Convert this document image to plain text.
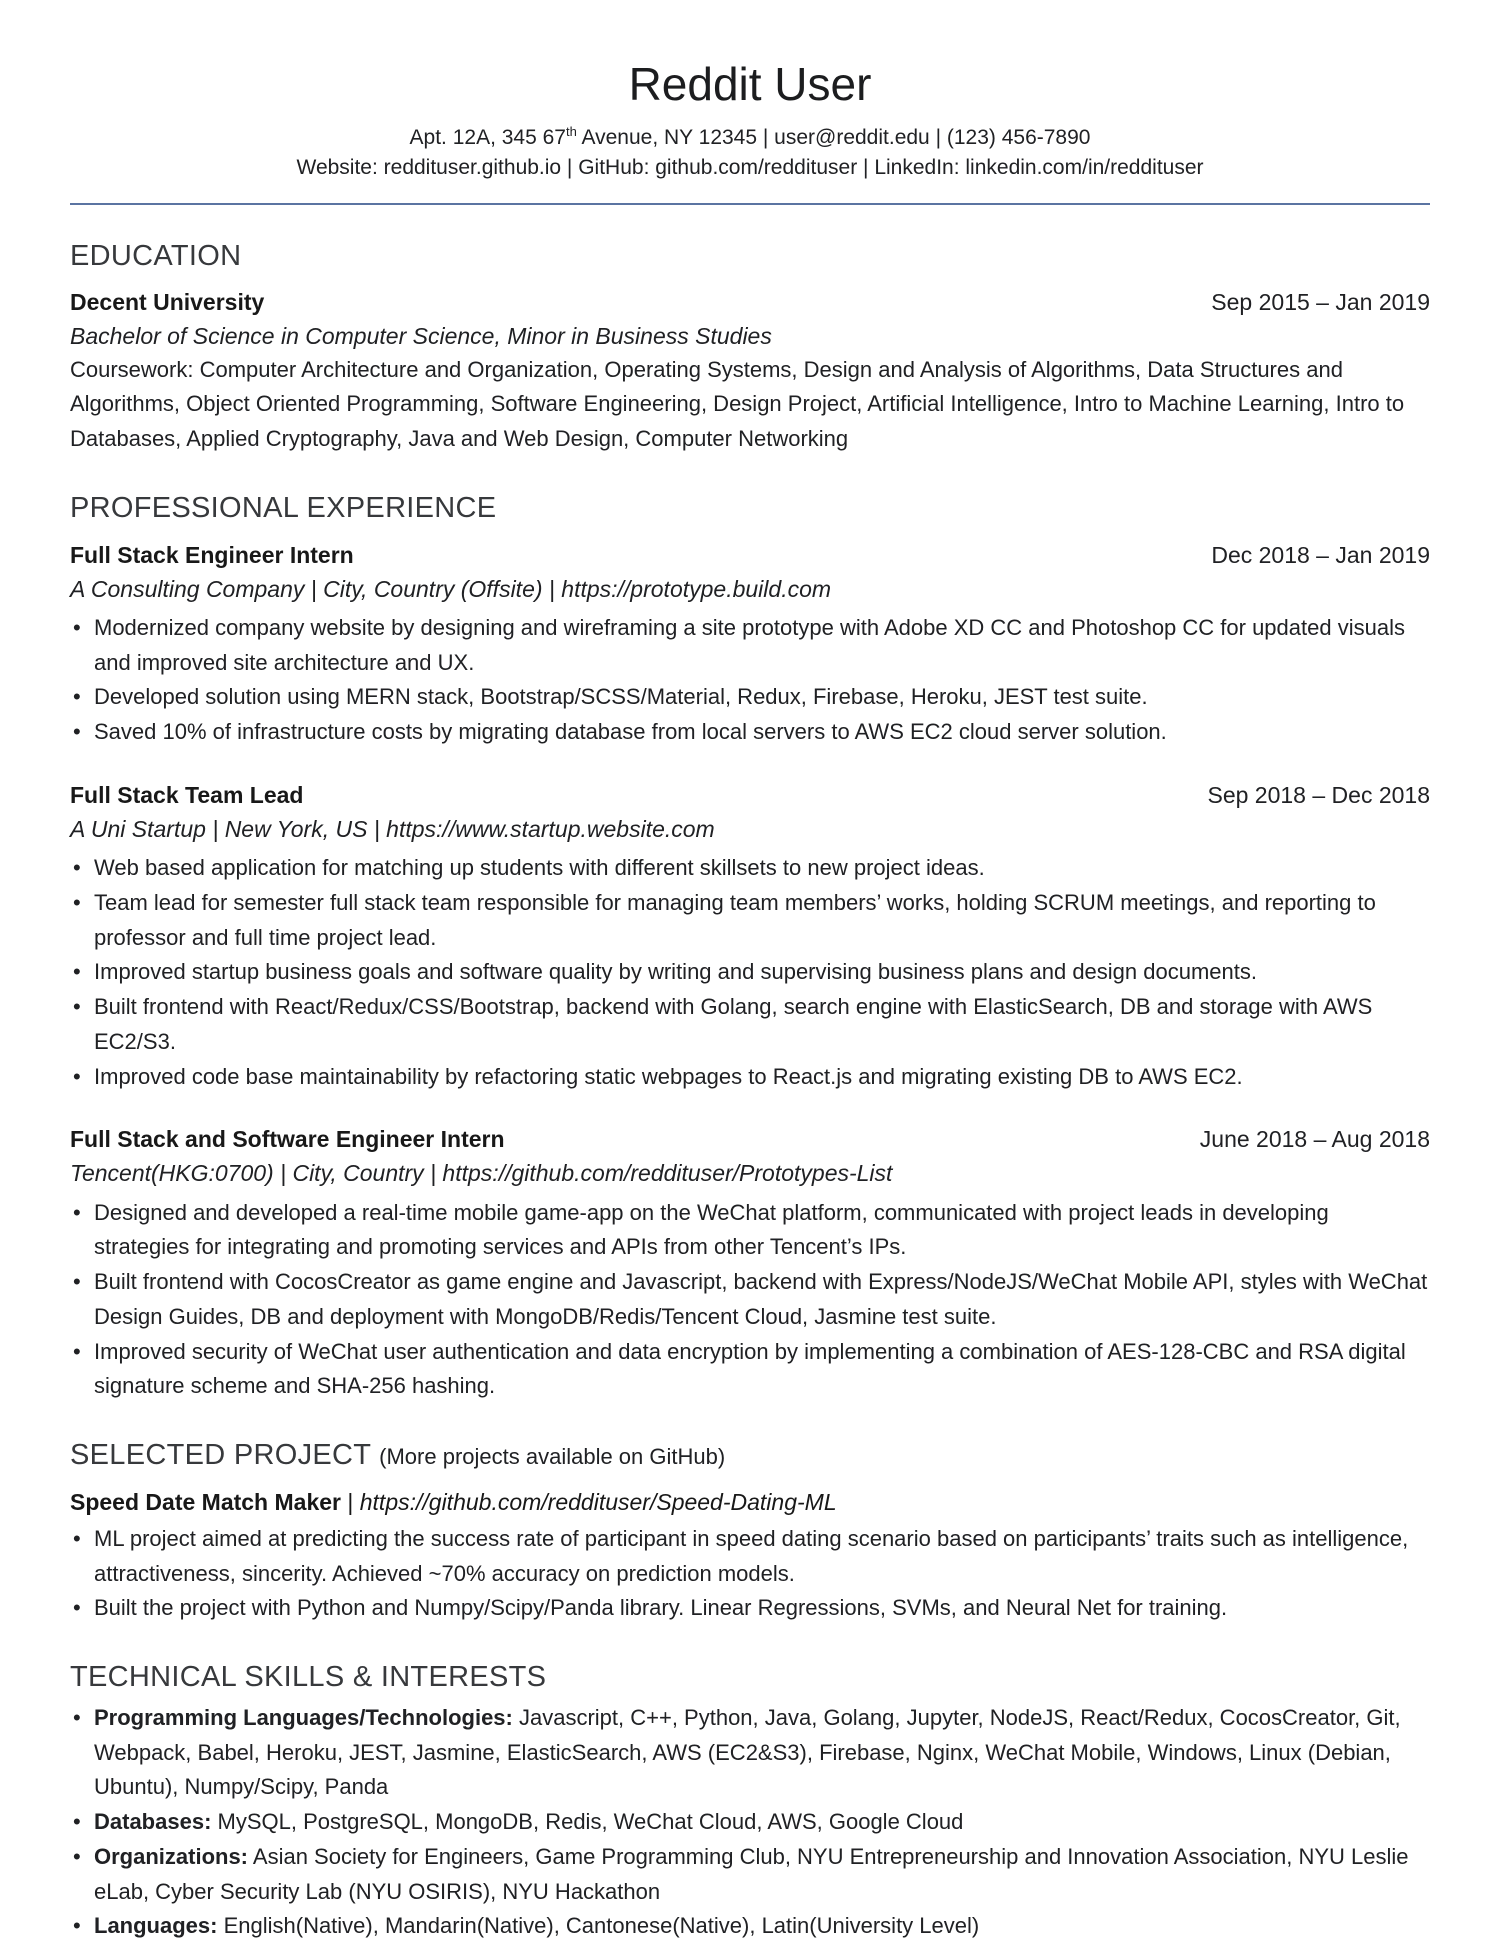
Reddit User
Apt. 12A, 345 67th Avenue, NY 12345 | user@reddit.edu | (123) 456-7890
Website: reddituser.github.io | GitHub: github.com/reddituser | LinkedIn: linkedin.com/in/reddituser
EDUCATION
Decent University	Sep 2015 – Jan 2019
Bachelor of Science in Computer Science, Minor in Business Studies
Coursework: Computer Architecture and Organization, Operating Systems, Design and Analysis of Algorithms, Data Structures and Algorithms, Object Oriented Programming, Software Engineering, Design Project, Artificial Intelligence, Intro to Machine Learning, Intro to Databases, Applied Cryptography, Java and Web Design, Computer Networking
PROFESSIONAL EXPERIENCE
Full Stack Engineer Intern	Dec 2018 – Jan 2019
A Consulting Company | City, Country (Offsite) | https://prototype.build.com
• Modernized company website by designing and wireframing a site prototype with Adobe XD CC and Photoshop CC for updated visuals and improved site architecture and UX.
• Developed solution using MERN stack, Bootstrap/SCSS/Material, Redux, Firebase, Heroku, JEST test suite.
• Saved 10% of infrastructure costs by migrating database from local servers to AWS EC2 cloud server solution.
Full Stack Team Lead	Sep 2018 – Dec 2018
A Uni Startup | New York, US | https://www.startup.website.com
• Web based application for matching up students with different skillsets to new project ideas.
• Team lead for semester full stack team responsible for managing team members’ works, holding SCRUM meetings, and reporting to professor and full time project lead.
• Improved startup business goals and software quality by writing and supervising business plans and design documents.
• Built frontend with React/Redux/CSS/Bootstrap, backend with Golang, search engine with ElasticSearch, DB and storage with AWS EC2/S3.
• Improved code base maintainability by refactoring static webpages to React.js and migrating existing DB to AWS EC2.
Full Stack and Software Engineer Intern	June 2018 – Aug 2018
Tencent(HKG:0700) | City, Country | https://github.com/reddituser/Prototypes-List
• Designed and developed a real-time mobile game-app on the WeChat platform, communicated with project leads in developing strategies for integrating and promoting services and APIs from other Tencent’s IPs.
• Built frontend with CocosCreator as game engine and Javascript, backend with Express/NodeJS/WeChat Mobile API, styles with WeChat Design Guides, DB and deployment with MongoDB/Redis/Tencent Cloud, Jasmine test suite.
• Improved security of WeChat user authentication and data encryption by implementing a combination of AES-128-CBC and RSA digital signature scheme and SHA-256 hashing.
SELECTED PROJECT (More projects available on GitHub)
Speed Date Match Maker | https://github.com/reddituser/Speed-Dating-ML
• ML project aimed at predicting the success rate of participant in speed dating scenario based on participants’ traits such as intelligence, attractiveness, sincerity. Achieved ~70% accuracy on prediction models.
• Built the project with Python and Numpy/Scipy/Panda library. Linear Regressions, SVMs, and Neural Net for training.
TECHNICAL SKILLS & INTERESTS
• Programming Languages/Technologies: Javascript, C++, Python, Java, Golang, Jupyter, NodeJS, React/Redux, CocosCreator, Git, Webpack, Babel, Heroku, JEST, Jasmine, ElasticSearch, AWS (EC2&S3), Firebase, Nginx, WeChat Mobile, Windows, Linux (Debian, Ubuntu), Numpy/Scipy, Panda
• Databases: MySQL, PostgreSQL, MongoDB, Redis, WeChat Cloud, AWS, Google Cloud
• Organizations: Asian Society for Engineers, Game Programming Club, NYU Entrepreneurship and Innovation Association, NYU Leslie eLab, Cyber Security Lab (NYU OSIRIS), NYU Hackathon
• Languages: English(Native), Mandarin(Native), Cantonese(Native), Latin(University Level)
